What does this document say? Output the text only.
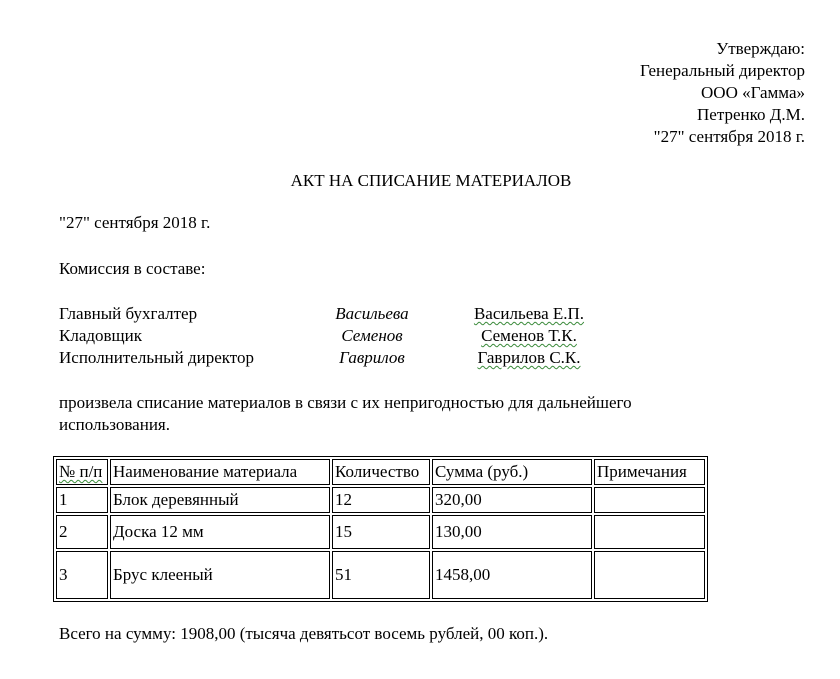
Утверждаю:
Генеральный директор
ООО «Гамма»
Петренко Д.М.
"27" сентября 2018 г.
АКТ НА СПИСАНИЕ МАТЕРИАЛОВ
"27" сентября 2018 г.
Комиссия в составе:
Главный бухгалтер	Васильева	Васильева Е.П.
Кладовщик	Семенов	Семенов Т.К.
Исполнительный директор	Гаврилов	Гаврилов С.К.
произвела списание материалов в связи с их непригодностью для дальнейшего использования.
№ п/п	Наименование материала	Количество	Сумма (руб.)	Примечания
1	Блок деревянный	12	320,00	
2	Доска 12 мм	15	130,00	
3	Брус клееный	51	1458,00	
Всего на сумму: 1908,00 (тысяча девятьсот восемь рублей, 00 коп.).
